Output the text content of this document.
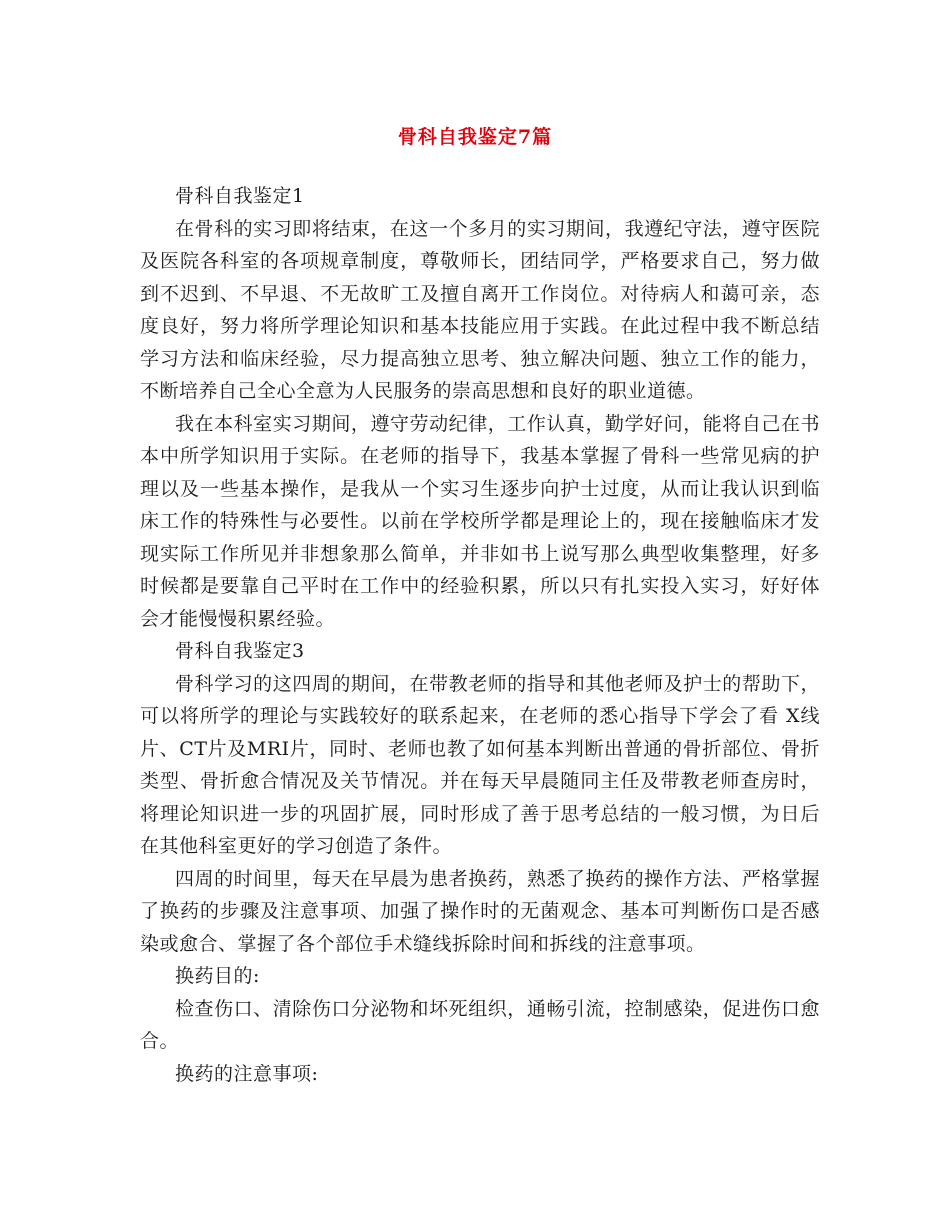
骨科自我鉴定7篇

骨科自我鉴定1

在骨科的实习即将结束，在这一个多月的实习期间，我遵纪守法，遵守医院及医院各科室的各项规章制度，尊敬师长，团结同学，严格要求自己，努力做到不迟到、不早退、不无故旷工及擅自离开工作岗位。对待病人和蔼可亲，态度良好，努力将所学理论知识和基本技能应用于实践。在此过程中我不断总结学习方法和临床经验，尽力提高独立思考、独立解决问题、独立工作的能力，不断培养自己全心全意为人民服务的崇高思想和良好的职业道德。

我在本科室实习期间，遵守劳动纪律，工作认真，勤学好问，能将自己在书本中所学知识用于实际。在老师的指导下，我基本掌握了骨科一些常见病的护理以及一些基本操作，是我从一个实习生逐步向护士过度，从而让我认识到临床工作的特殊性与必要性。以前在学校所学都是理论上的，现在接触临床才发现实际工作所见并非想象那么简单，并非如书上说写那么典型收集整理，好多时候都是要靠自己平时在工作中的经验积累，所以只有扎实投入实习，好好体会才能慢慢积累经验。

骨科自我鉴定3

骨科学习的这四周的期间，在带教老师的指导和其他老师及护士的帮助下，可以将所学的理论与实践较好的联系起来，在老师的悉心指导下学会了看 X线片、CT片及MRI片，同时、老师也教了如何基本判断出普通的骨折部位、骨折类型、骨折愈合情况及关节情况。并在每天早晨随同主任及带教老师查房时，将理论知识进一步的巩固扩展，同时形成了善于思考总结的一般习惯，为日后在其他科室更好的学习创造了条件。

四周的时间里，每天在早晨为患者换药，熟悉了换药的操作方法、严格掌握了换药的步骤及注意事项、加强了操作时的无菌观念、基本可判断伤口是否感染或愈合、掌握了各个部位手术缝线拆除时间和拆线的注意事项。

换药目的:

检查伤口、清除伤口分泌物和坏死组织，通畅引流，控制感染，促进伤口愈合。

换药的注意事项:
